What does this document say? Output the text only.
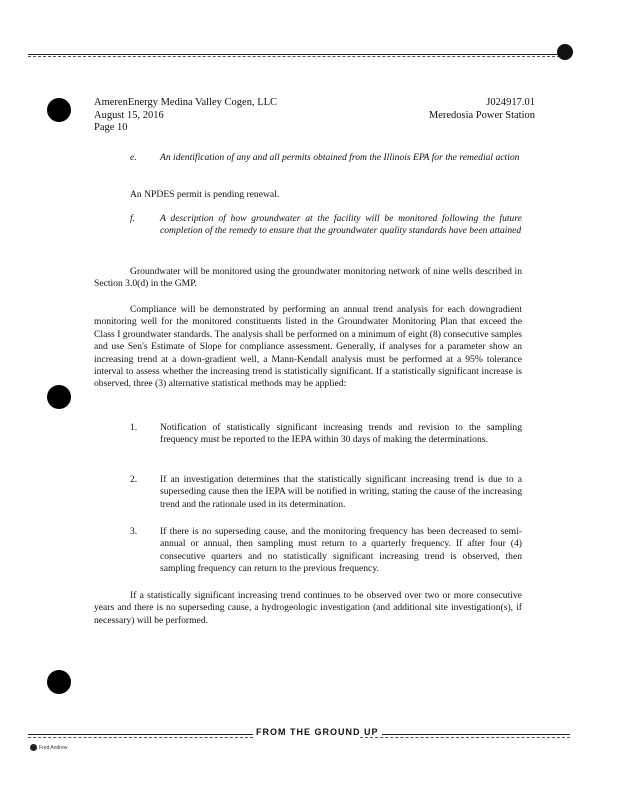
AmerenEnergy Medina Valley Cogen, LLC
August 15, 2016
Page 10
J024917.01
Meredosia Power Station
e. An identification of any and all permits obtained from the Illinois EPA for the remedial action
An NPDES permit is pending renewal.
f.	A description of how groundwater at the facility will be monitored following the future completion of the remedy to ensure that the groundwater quality standards have been attained
Groundwater will be monitored using the groundwater monitoring network of nine wells described in Section 3.0(d) in the GMP.
Compliance will be demonstrated by performing an annual trend analysis for each downgradient monitoring well for the monitored constituents listed in the Groundwater Monitoring Plan that exceed the Class I groundwater standards. The analysis shall be performed on a minimum of eight (8) consecutive samples and use Sen's Estimate of Slope for compliance assessment. Generally, if analyses for a parameter show an increasing trend at a down-gradient well, a Mann-Kendall analysis must be performed at a 95% tolerance interval to assess whether the increasing trend is statistically significant. If a statistically significant increase is observed, three (3) alternative statistical methods may be applied:
1. Notification of statistically significant increasing trends and revision to the sampling frequency must be reported to the IEPA within 30 days of making the determinations.
2. If an investigation determines that the statistically significant increasing trend is due to a superseding cause then the IEPA will be notified in writing, stating the cause of the increasing trend and the rationale used in its determination.
3. If there is no superseding cause, and the monitoring frequency has been decreased to semi-annual or annual, then sampling must return to a quarterly frequency. If after four (4) consecutive quarters and no statistically significant increasing trend is observed, then sampling frequency can return to the previous frequency.
If a statistically significant increasing trend continues to be observed over two or more consecutive years and there is no superseding cause, a hydrogeologic investigation (and additional site investigation(s), if necessary) will be performed.
FROM THE GROUND UP
Fred Andrew
